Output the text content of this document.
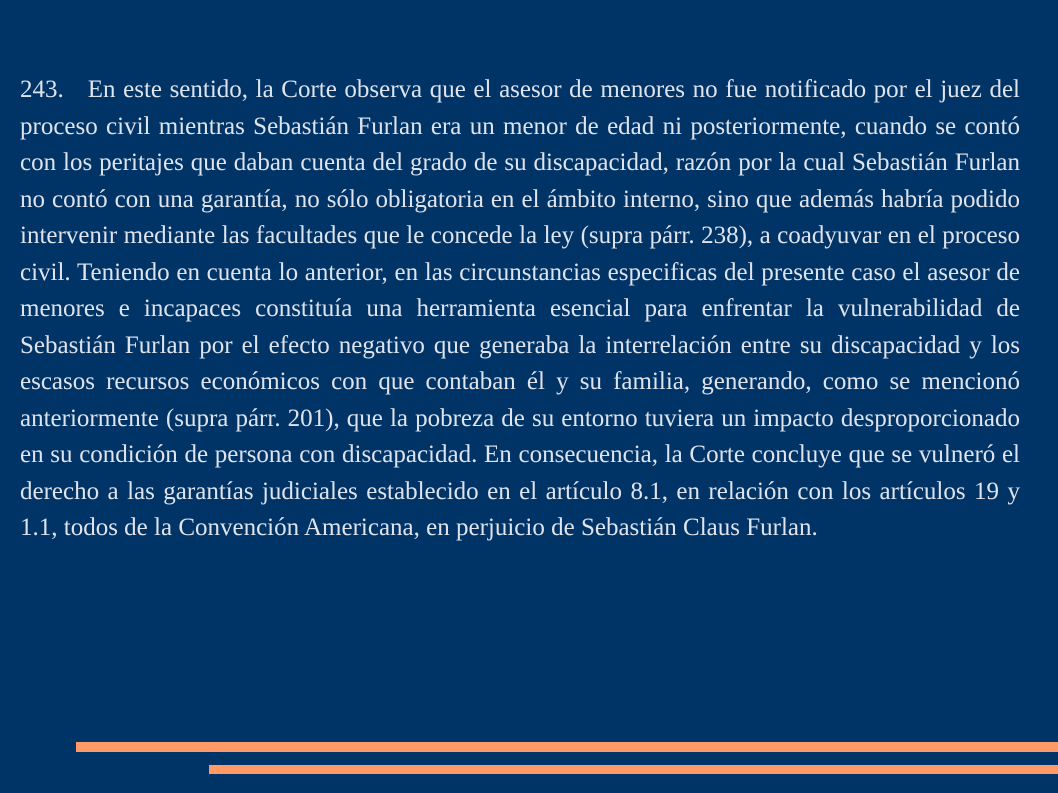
243. En este sentido, la Corte observa que el asesor de menores no fue notificado por el juez del proceso civil mientras Sebastián Furlan era un menor de edad ni posteriormente, cuando se contó con los peritajes que daban cuenta del grado de su discapacidad, razón por la cual Sebastián Furlan no contó con una garantía, no sólo obligatoria en el ámbito interno, sino que además habría podido intervenir mediante las facultades que le concede la ley (supra párr. 238), a coadyuvar en el proceso civil. Teniendo en cuenta lo anterior, en las circunstancias especificas del presente caso el asesor de menores e incapaces constituía una herramienta esencial para enfrentar la vulnerabilidad de Sebastián Furlan por el efecto negativo que generaba la interrelación entre su discapacidad y los escasos recursos económicos con que contaban él y su familia, generando, como se mencionó anteriormente (supra párr. 201), que la pobreza de su entorno tuviera un impacto desproporcionado en su condición de persona con discapacidad. En consecuencia, la Corte concluye que se vulneró el derecho a las garantías judiciales establecido en el artículo 8.1, en relación con los artículos 19 y 1.1, todos de la Convención Americana, en perjuicio de Sebastián Claus Furlan.
